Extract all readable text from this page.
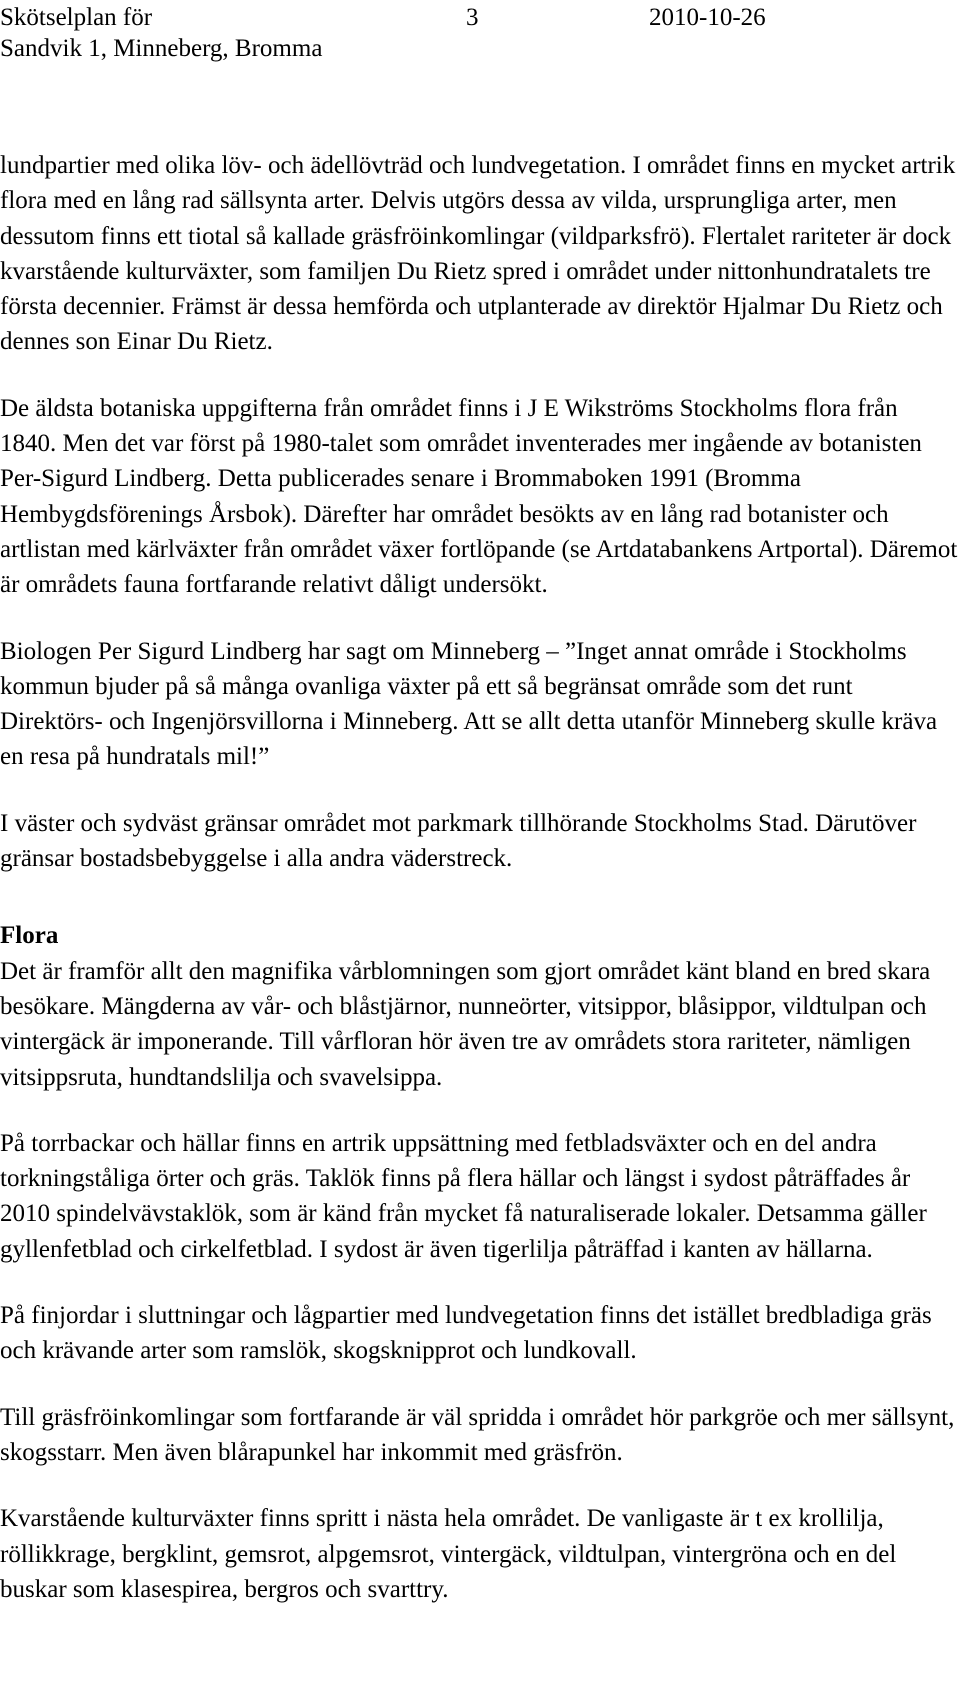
Skötselplan för
Sandvik 1, Minneberg, Bromma
3	2010-10-26

lundpartier med olika löv- och ädellövträd och lundvegetation. I området finns en mycket artrik flora med en lång rad sällsynta arter. Delvis utgörs dessa av vilda, ursprungliga arter, men dessutom finns ett tiotal så kallade gräsfröinkomlingar (vildparksfrö). Flertalet rariteter är dock kvarstående kulturväxter, som familjen Du Rietz spred i området under nittonhundratalets tre första decennier. Främst är dessa hemförda och utplanterade av direktör Hjalmar Du Rietz och dennes son Einar Du Rietz.

De äldsta botaniska uppgifterna från området finns i J E Wikströms Stockholms flora från 1840. Men det var först på 1980-talet som området inventerades mer ingående av botanisten Per-Sigurd Lindberg. Detta publicerades senare i Brommaboken 1991 (Bromma Hembygdsförenings Årsbok). Därefter har området besökts av en lång rad botanister och artlistan med kärlväxter från området växer fortlöpande (se Artdatabankens Artportal). Däremot är områdets fauna fortfarande relativt dåligt undersökt.

Biologen Per Sigurd Lindberg har sagt om Minneberg – ”Inget annat område i Stockholms kommun bjuder på så många ovanliga växter på ett så begränsat område som det runt Direktörs- och Ingenjörsvillorna i Minneberg. Att se allt detta utanför Minneberg skulle kräva en resa på hundratals mil!”

I väster och sydväst gränsar området mot parkmark tillhörande Stockholms Stad. Därutöver gränsar bostadsbebyggelse i alla andra väderstreck.

Flora

Det är framför allt den magnifika vårblomningen som gjort området känt bland en bred skara besökare. Mängderna av vår- och blåstjärnor, nunneörter, vitsippor, blåsippor, vildtulpan och vintergäck är imponerande. Till vårfloran hör även tre av områdets stora rariteter, nämligen vitsippsruta, hundtandslilja och svavelsippa.

På torrbackar och hällar finns en artrik uppsättning med fetbladsväxter och en del andra torkningståliga örter och gräs. Taklök finns på flera hällar och längst i sydost påträffades år 2010 spindelvävstaklök, som är känd från mycket få naturaliserade lokaler. Detsamma gäller gyllenfetblad och cirkelfetblad. I sydost är även tigerlilja påträffad i kanten av hällarna.

På finjordar i sluttningar och lågpartier med lundvegetation finns det istället bredbladiga gräs och krävande arter som ramslök, skogsknipprot och lundkovall.

Till gräsfröinkomlingar som fortfarande är väl spridda i området hör parkgröe och mer sällsynt, skogsstarr. Men även blårapunkel har inkommit med gräsfrön.

Kvarstående kulturväxter finns spritt i nästa hela området. De vanligaste är t ex krollilja, röllikkrage, bergklint, gemsrot, alpgemsrot, vintergäck, vildtulpan, vintergröna och en del buskar som klasespirea, bergros och svarttry.
